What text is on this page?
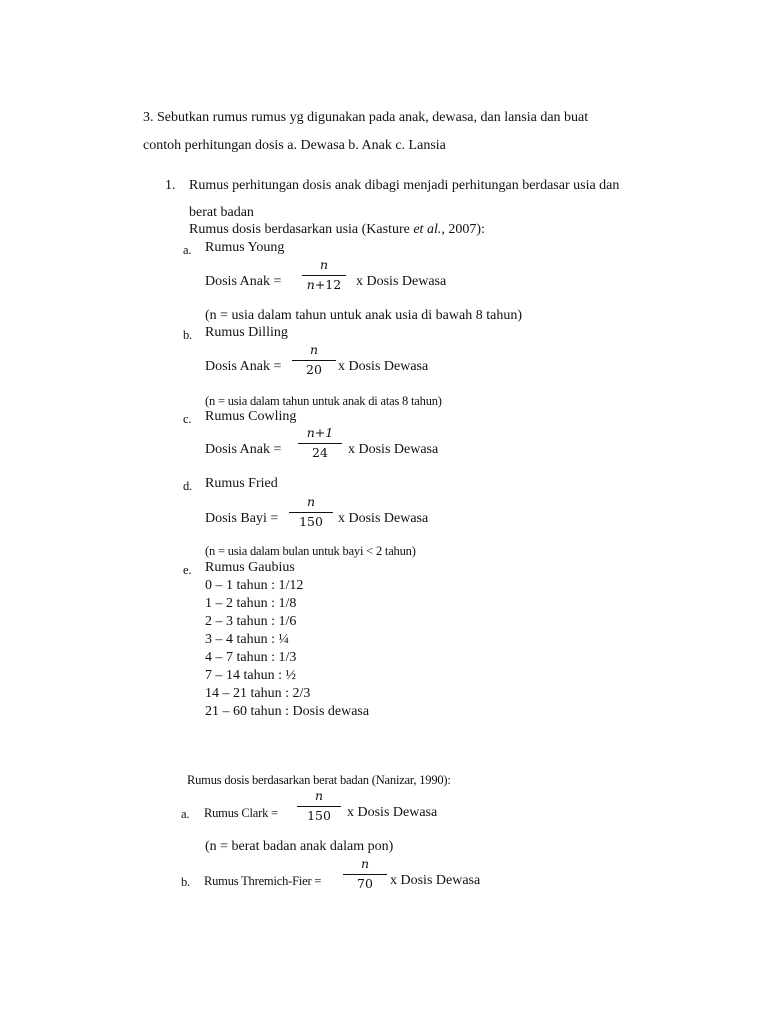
3. Sebutkan rumus rumus yg digunakan pada anak, dewasa, dan lansia dan buat
contoh perhitungan dosis a. Dewasa b. Anak c. Lansia
1. Rumus perhitungan dosis anak dibagi menjadi perhitungan berdasar usia dan
berat badan
Rumus dosis berdasarkan usia (Kasture et al., 2007):
a. Rumus Young
Dosis Anak =
n
n+12	x Dosis Dewasa
(n = usia dalam tahun untuk anak usia di bawah 8 tahun)
b. Rumus Dilling
Dosis Anak =
n
20	x Dosis Dewasa
(n = usia dalam tahun untuk anak di atas 8 tahun)
c. Rumus Cowling
Dosis Anak =
n+1
24	x Dosis Dewasa
d. Rumus Fried
Dosis Bayi =
n
150	x Dosis Dewasa
(n = usia dalam bulan untuk bayi < 2 tahun)
e. Rumus Gaubius
0 – 1 tahun : 1/12
1 – 2 tahun : 1/8
2 – 3 tahun : 1/6
3 – 4 tahun : ¼
4 – 7 tahun : 1/3
7 – 14 tahun : ½
14 – 21 tahun : 2/3
21 – 60 tahun : Dosis dewasa
Rumus dosis berdasarkan berat badan (Nanizar, 1990):
a. Rumus Clark =
n
150	x Dosis Dewasa
(n = berat badan anak dalam pon)
b. Rumus Thremich-Fier =
n
70	x Dosis Dewasa
